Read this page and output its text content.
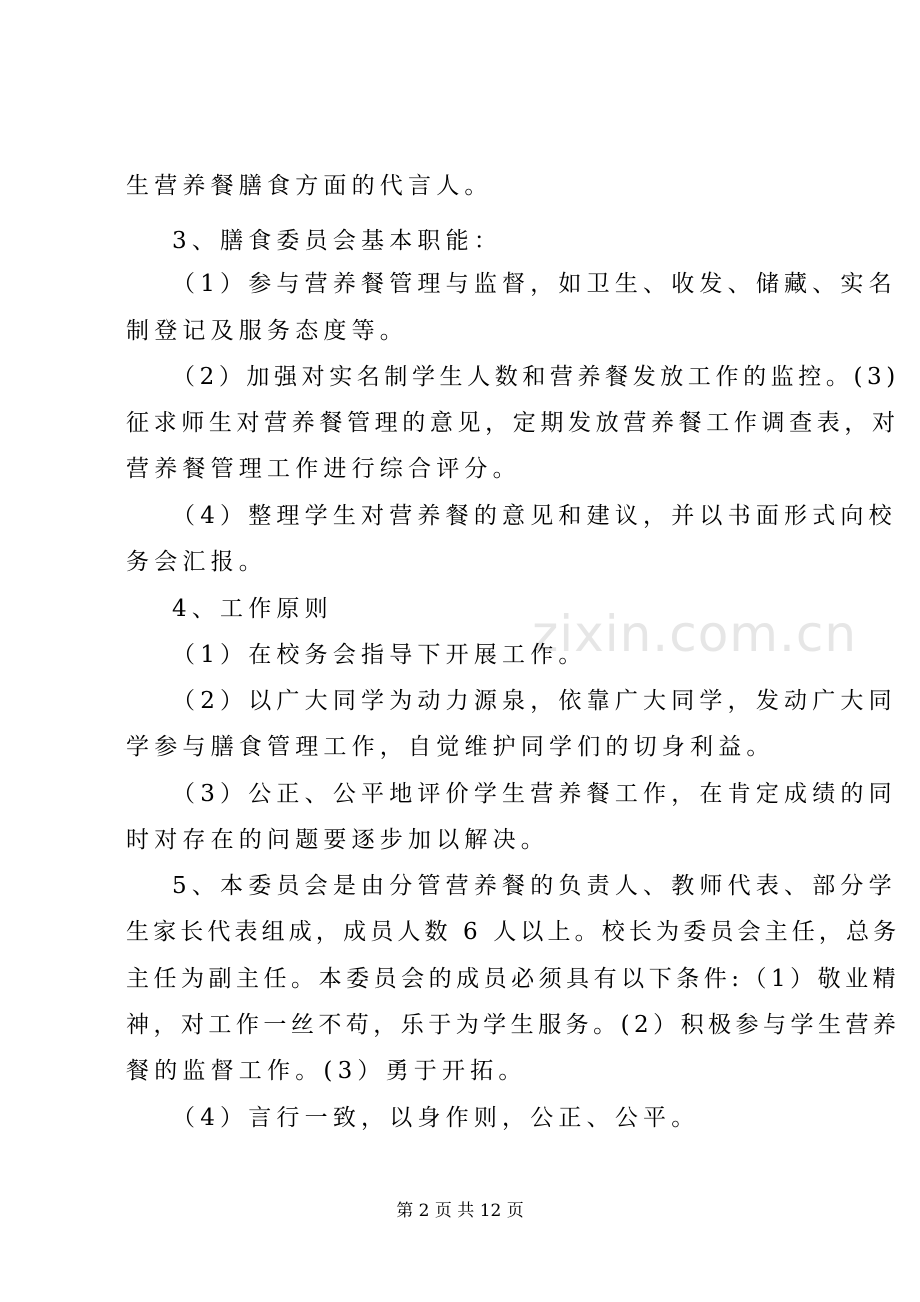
zixin.com.cn
生营养餐膳食方面的代言人。
3、膳食委员会基本职能：
（1）参与营养餐管理与监督，如卫生、收发、储藏、实名
制登记及服务态度等。
（2）加强对实名制学生人数和营养餐发放工作的监控。(3)
征求师生对营养餐管理的意见，定期发放营养餐工作调查表，对
营养餐管理工作进行综合评分。
（4）整理学生对营养餐的意见和建议，并以书面形式向校
务会汇报。
4、工作原则
（1）在校务会指导下开展工作。
（2）以广大同学为动力源泉，依靠广大同学，发动广大同
学参与膳食管理工作，自觉维护同学们的切身利益。
（3）公正、公平地评价学生营养餐工作，在肯定成绩的同
时对存在的问题要逐步加以解决。
5、本委员会是由分管营养餐的负责人、教师代表、部分学
生家长代表组成，成员人数 6 人以上。校长为委员会主任，总务
主任为副主任。本委员会的成员必须具有以下条件:（1）敬业精
神，对工作一丝不苟，乐于为学生服务。(2）积极参与学生营养
餐的监督工作。(3）勇于开拓。
（4）言行一致，以身作则，公正、公平。
第 2 页 共 12 页
